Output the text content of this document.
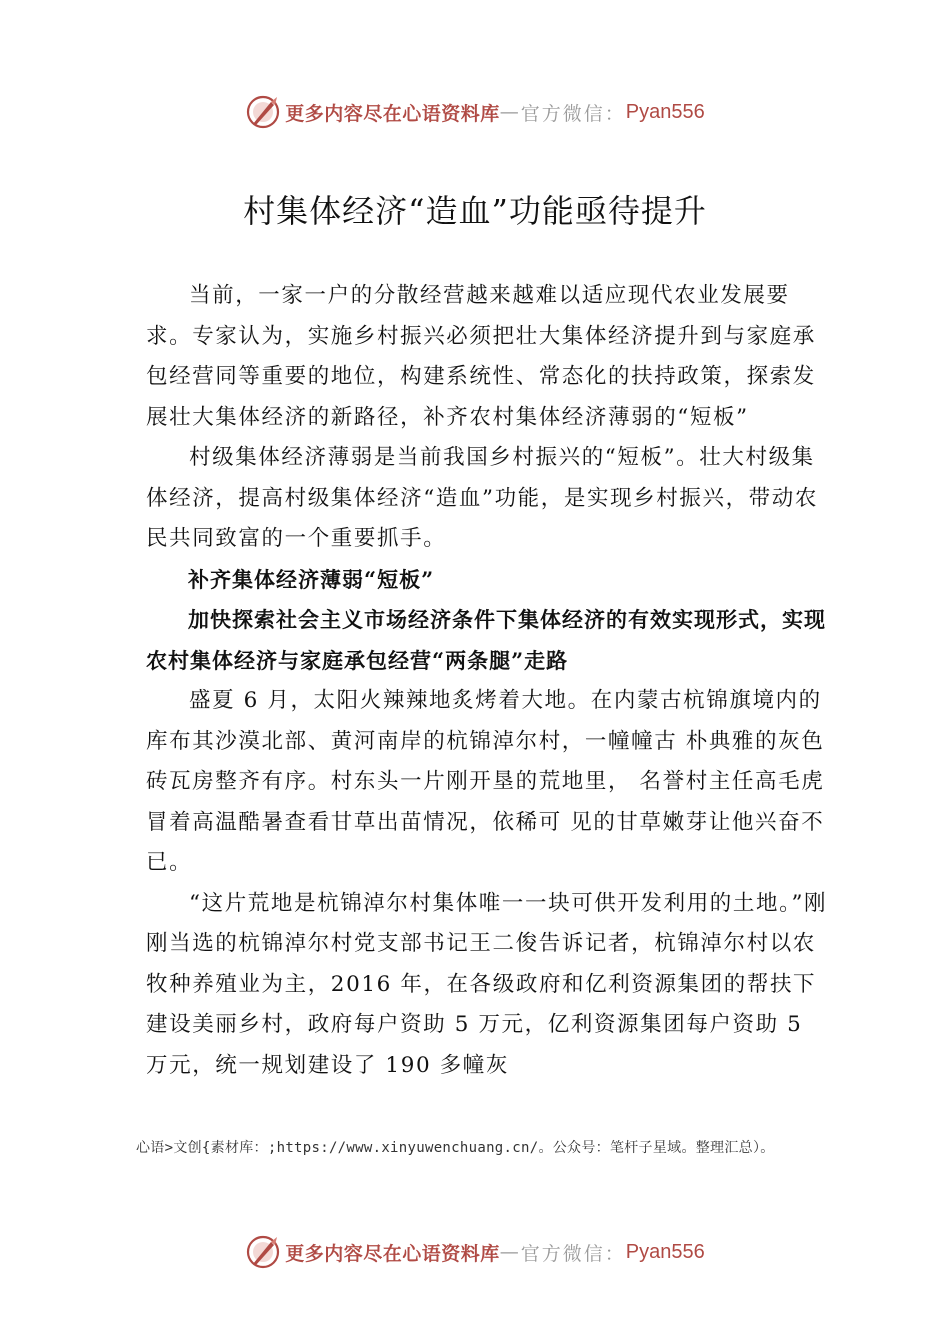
更多内容尽在心语资料库 — 官方微信： Pyan556
村集体经济“造血”功能亟待提升

当前，一家一户的分散经营越来越难以适应现代农业发展要求。专家认为，实施乡村振兴必须把壮大集体经济提升到与家庭承包经营同等重要的地位，构建系统性、常态化的扶持政策，探索发展壮大集体经济的新路径，补齐农村集体经济薄弱的“短板”

村级集体经济薄弱是当前我国乡村振兴的“短板”。壮大村级集体经济，提高村级集体经济“造血”功能，是实现乡村振兴，带动农民共同致富的一个重要抓手。

补齐集体经济薄弱“短板”

加快探索社会主义市场经济条件下集体经济的有效实现形式，实现农村集体经济与家庭承包经营“两条腿”走路

盛夏 6 月，太阳火辣辣地炙烤着大地。在内蒙古杭锦旗境内的库布其沙漠北部、黄河南岸的杭锦淖尔村，一幢幢古 朴典雅的灰色砖瓦房整齐有序。村东头一片刚开垦的荒地里， 名誉村主任高毛虎冒着高温酷暑查看甘草出苗情况，依稀可 见的甘草嫩芽让他兴奋不已。

“这片荒地是杭锦淖尔村集体唯一一块可供开发利用的土地。”刚刚当选的杭锦淖尔村党支部书记王二俊告诉记者，杭锦淖尔村以农牧种养殖业为主，2016 年，在各级政府和亿利资源集团的帮扶下建设美丽乡村，政府每户资助 5 万元，亿利资源集团每户资助 5 万元，统一规划建设了 190 多幢灰

心语>文创{素材库：;https://www.xinyuwenchuang.cn/。公众号：笔杆子星域。整理汇总）。
更多内容尽在心语资料库 — 官方微信： Pyan556
